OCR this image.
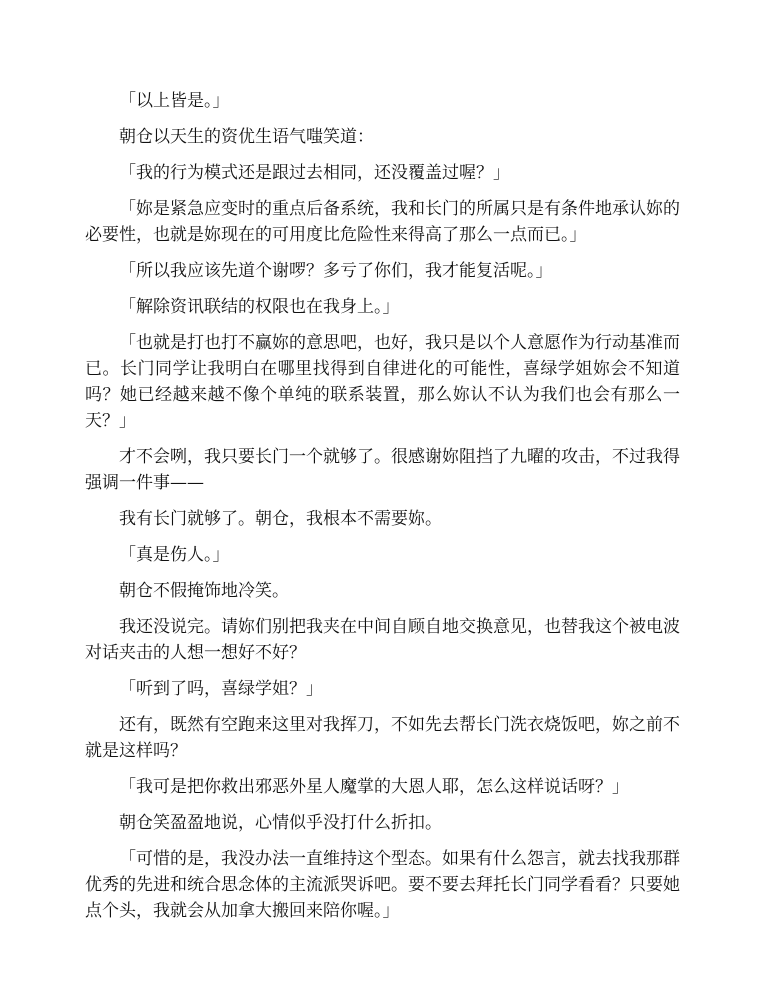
「以上皆是。」

朝仓以天生的资优生语气嗤笑道：

「我的行为模式还是跟过去相同，还没覆盖过喔？」

「妳是紧急应变时的重点后备系统，我和长门的所属只是有条件地承认妳的必要性，也就是妳现在的可用度比危险性来得高了那么一点而已。」

「所以我应该先道个谢啰？多亏了你们，我才能复活呢。」

「解除资讯联结的权限也在我身上。」

「也就是打也打不赢妳的意思吧，也好，我只是以个人意愿作为行动基准而已。长门同学让我明白在哪里找得到自律进化的可能性，喜绿学姐妳会不知道吗？她已经越来越不像个单纯的联系装置，那么妳认不认为我们也会有那么一天？」

才不会咧，我只要长门一个就够了。很感谢妳阻挡了九曜的攻击，不过我得强调一件事——

我有长门就够了。朝仓，我根本不需要妳。

「真是伤人。」

朝仓不假掩饰地冷笑。

我还没说完。请妳们别把我夹在中间自顾自地交换意见，也替我这个被电波对话夹击的人想一想好不好？

「听到了吗，喜绿学姐？」

还有，既然有空跑来这里对我挥刀，不如先去帮长门洗衣烧饭吧，妳之前不就是这样吗？

「我可是把你救出邪恶外星人魔掌的大恩人耶，怎么这样说话呀？」

朝仓笑盈盈地说，心情似乎没打什么折扣。

「可惜的是，我没办法一直维持这个型态。如果有什么怨言，就去找我那群优秀的先进和统合思念体的主流派哭诉吧。要不要去拜托长门同学看看？只要她点个头，我就会从加拿大搬回来陪你喔。」
